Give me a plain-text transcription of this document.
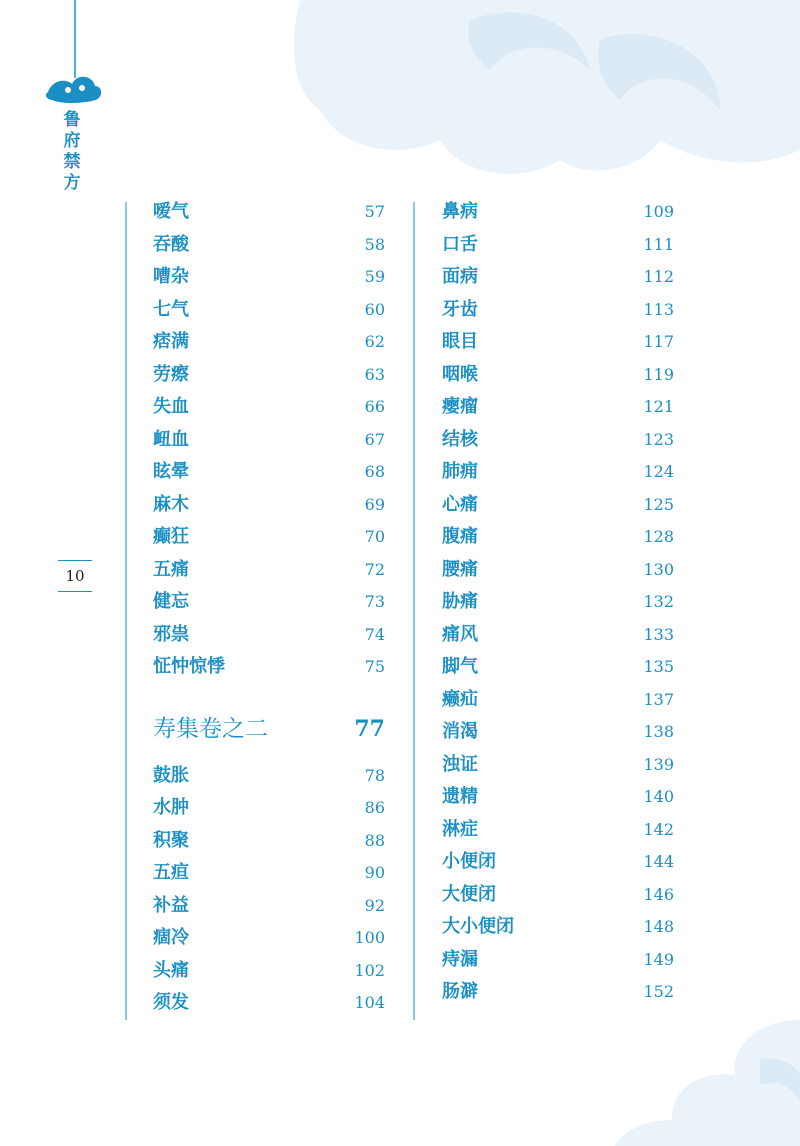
鲁府禁方
10
嗳气	57
吞酸	58
嘈杂	59
七气	60
痞满	62
劳瘵	63
失血	66
衄血	67
眩晕	68
麻木	69
癫狂	70
五痛	72
健忘	73
邪祟	74
怔忡惊悸	75
寿集卷之二	77
鼓胀	78
水肿	86
积聚	88
五疸	90
补益	92
痼冷	100
头痛	102
须发	104
鼻病	109
口舌	111
面病	112
牙齿	113
眼目	117
咽喉	119
瘿瘤	121
结核	123
肺痈	124
心痛	125
腹痛	128
腰痛	130
胁痛	132
痛风	133
脚气	135
癞疝	137
消渴	138
浊证	139
遗精	140
淋症	142
小便闭	144
大便闭	146
大小便闭	148
痔漏	149
肠澼	152
